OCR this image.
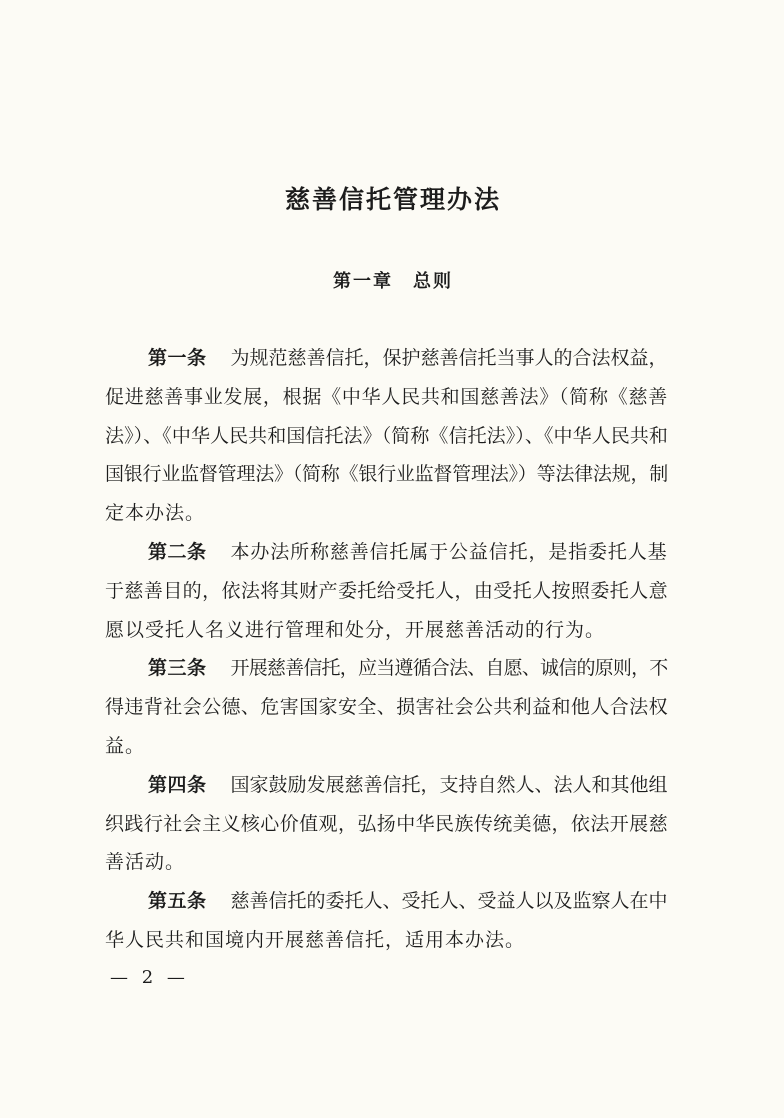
慈善信托管理办法
第一章　总则
第一条 为规范慈善信托，保护慈善信托当事人的合法权益，
促进慈善事业发展，根据《中华人民共和国慈善法》（简称《慈善
法》）、《中华人民共和国信托法》（简称《信托法》）、《中华人民共和
国银行业监督管理法》（简称《银行业监督管理法》）等法律法规，制
定本办法。
第二条 本办法所称慈善信托属于公益信托，是指委托人基
于慈善目的，依法将其财产委托给受托人，由受托人按照委托人意
愿以受托人名义进行管理和处分，开展慈善活动的行为。
第三条 开展慈善信托，应当遵循合法、自愿、诚信的原则，不
得违背社会公德、危害国家安全、损害社会公共利益和他人合法权
益。
第四条 国家鼓励发展慈善信托，支持自然人、法人和其他组
织践行社会主义核心价值观，弘扬中华民族传统美德，依法开展慈
善活动。
第五条 慈善信托的委托人、受托人、受益人以及监察人在中
华人民共和国境内开展慈善信托，适用本办法。
— 2 —
